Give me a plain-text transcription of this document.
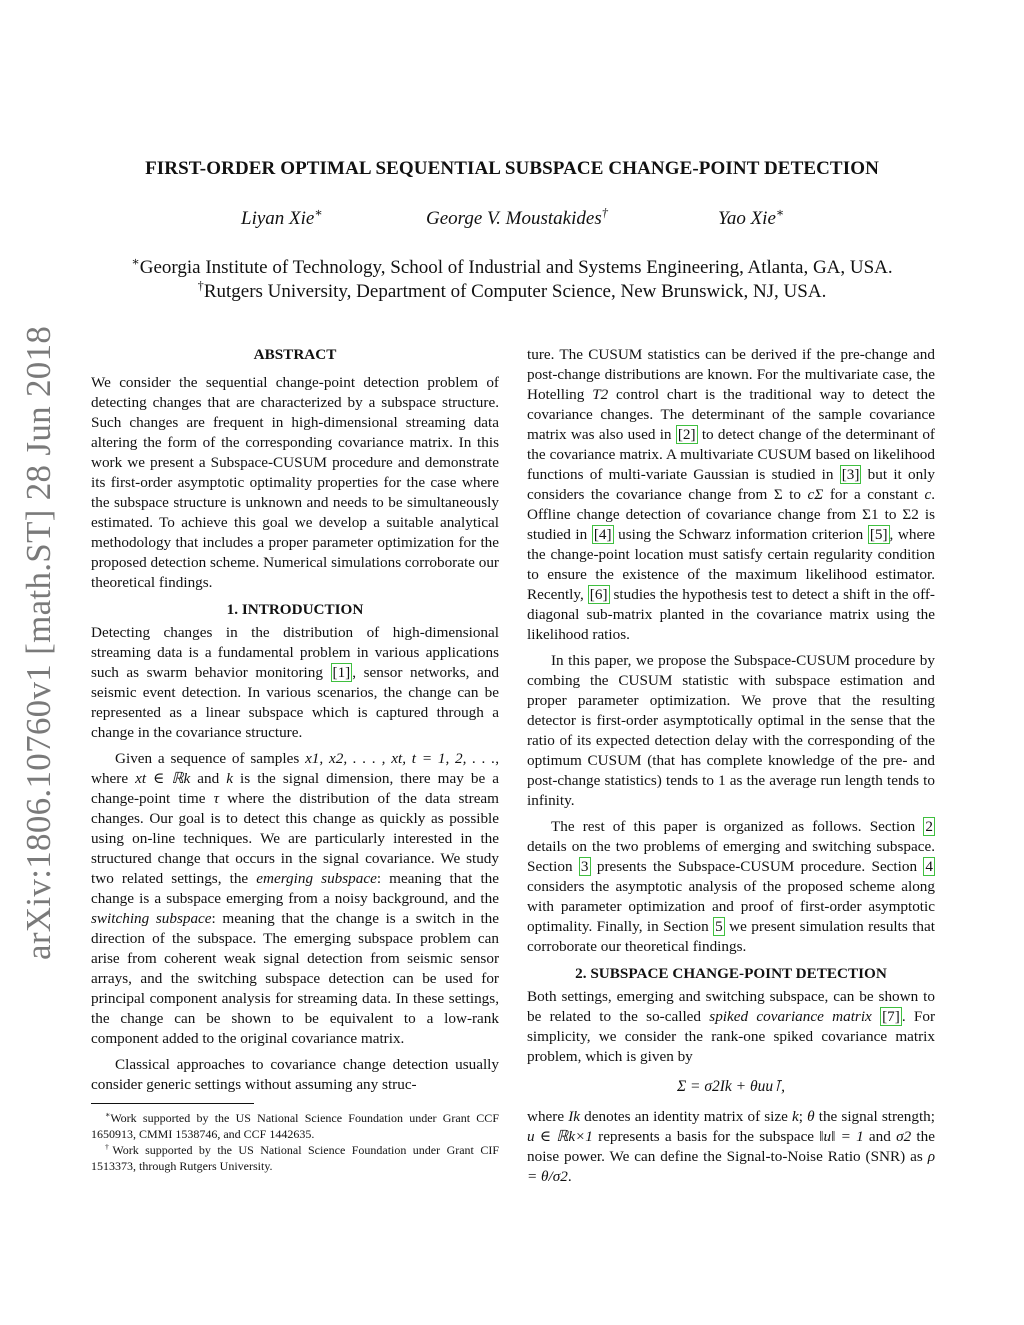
arXiv:1806.10760v1 [math.ST] 28 Jun 2018
FIRST-ORDER OPTIMAL SEQUENTIAL SUBSPACE CHANGE-POINT DETECTION
Liyan Xie∗	George V. Moustakides†	Yao Xie∗
∗Georgia Institute of Technology, School of Industrial and Systems Engineering, Atlanta, GA, USA.
†Rutgers University, Department of Computer Science, New Brunswick, NJ, USA.
ABSTRACT

We consider the sequential change-point detection problem of detecting changes that are characterized by a subspace structure. Such changes are frequent in high-dimensional streaming data altering the form of the corresponding covariance matrix. In this work we present a Subspace-CUSUM procedure and demonstrate its first-order asymptotic optimality properties for the case where the subspace structure is unknown and needs to be simultaneously estimated. To achieve this goal we develop a suitable analytical methodology that includes a proper parameter optimization for the proposed detection scheme. Numerical simulations corroborate our theoretical findings.

1. INTRODUCTION

Detecting changes in the distribution of high-dimensional streaming data is a fundamental problem in various applications such as swarm behavior monitoring [1] , sensor networks, and seismic event detection. In various scenarios, the change can be represented as a linear subspace which is captured through a change in the covariance structure.

Given a sequence of samples x1, x2, . . . , xt, t = 1, 2, . . ., where xt ∈ ℝk and k is the signal dimension, there may be a change-point time τ where the distribution of the data stream changes. Our goal is to detect this change as quickly as possible using on-line techniques. We are particularly interested in the structured change that occurs in the signal covariance. We study two related settings, the emerging subspace: meaning that the change is a subspace emerging from a noisy background, and the switching subspace: meaning that the change is a switch in the direction of the subspace. The emerging subspace problem can arise from coherent weak signal detection from seismic sensor arrays, and the switching subspace detection can be used for principal component analysis for streaming data. In these settings, the change can be shown to be equivalent to a low-rank component added to the original covariance matrix.

Classical approaches to covariance change detection usually consider generic settings without assuming any struc-

∗Work supported by the US National Science Foundation under Grant CCF 1650913, CMMI 1538746, and CCF 1442635.

†Work supported by the US National Science Foundation under Grant CIF 1513373, through Rutgers University.

ture. The CUSUM statistics can be derived if the pre-change and post-change distributions are known. For the multivariate case, the Hotelling T2 control chart is the traditional way to detect the covariance changes. The determinant of the sample covariance matrix was also used in [2] to detect change of the determinant of the covariance matrix. A multivariate CUSUM based on likelihood functions of multi-variate Gaussian is studied in [3] but it only considers the covariance change from Σ to cΣ for a constant c. Offline change detection of covariance change from Σ1 to Σ2 is studied in [4] using the Schwarz information criterion [5] , where the change-point location must satisfy certain regularity condition to ensure the existence of the maximum likelihood estimator. Recently, [6] studies the hypothesis test to detect a shift in the off-diagonal sub-matrix planted in the covariance matrix using the likelihood ratios.

In this paper, we propose the Subspace-CUSUM procedure by combing the CUSUM statistic with subspace estimation and proper parameter optimization. We prove that the resulting detector is first-order asymptotically optimal in the sense that the ratio of its expected detection delay with the corresponding of the optimum CUSUM (that has complete knowledge of the pre- and post-change statistics) tends to 1 as the average run length tends to infinity.

The rest of this paper is organized as follows. Section 2 details on the two problems of emerging and switching subspace. Section 3 presents the Subspace-CUSUM procedure. Section 4 considers the asymptotic analysis of the proposed scheme along with parameter optimization and proof of first-order asymptotic optimality. Finally, in Section 5 we present simulation results that corroborate our theoretical findings.

2. SUBSPACE CHANGE-POINT DETECTION

Both settings, emerging and switching subspace, can be shown to be related to the so-called spiked covariance matrix [7] . For simplicity, we consider the rank-one spiked covariance matrix problem, which is given by

Σ = σ2Ik + θuu⊺,

where Ik denotes an identity matrix of size k; θ the signal strength; u ∈ ℝk×1 represents a basis for the subspace ‖u‖ = 1 and σ2 the noise power. We can define the Signal-to-Noise Ratio (SNR) as ρ = θ/σ2.
